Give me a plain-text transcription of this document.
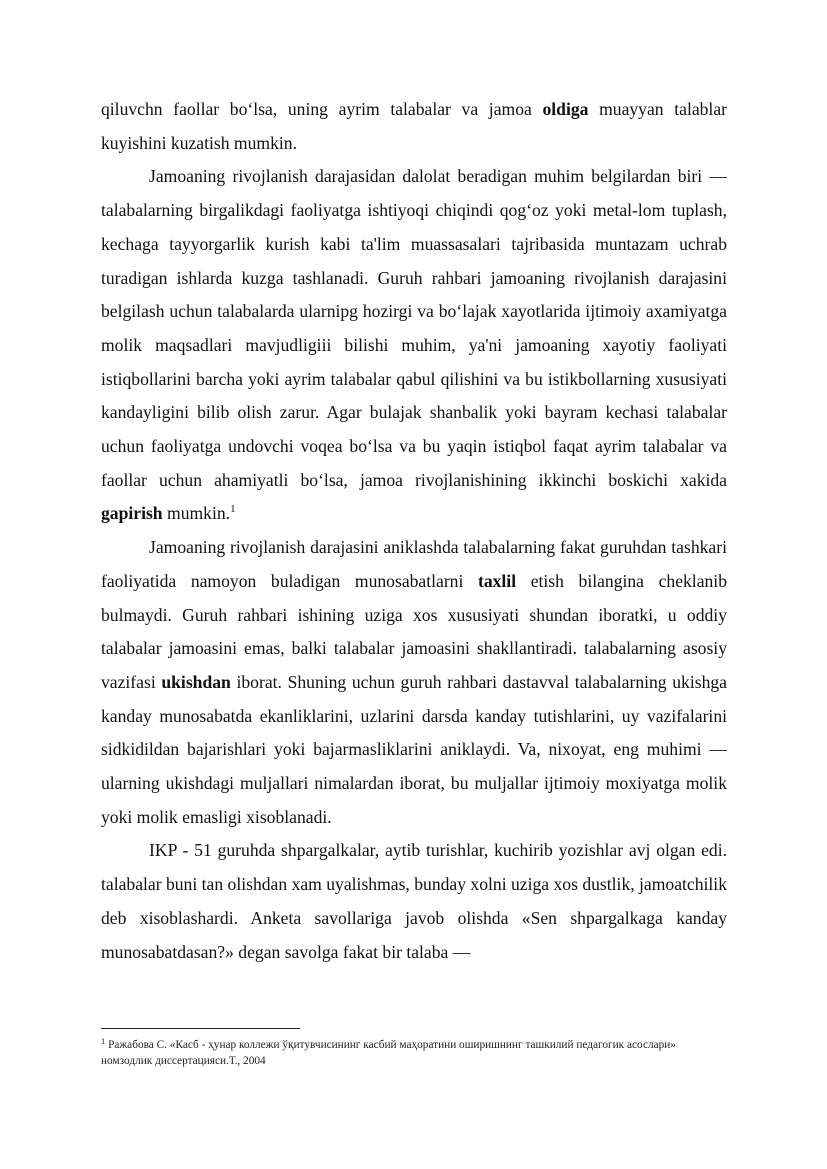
qiluvchn faollar bo‘lsa, uning ayrim talabalar va jamoa oldiga muayyan talablar kuyishini kuzatish mumkin.

Jamoaning rivojlanish darajasidan dalolat beradigan muhim belgilardan biri — talabalarning birgalikdagi faoliyatga ishtiyoqi chiqindi qog‘oz yoki metal-lom tuplash, kechaga tayyorgarlik kurish kabi ta'lim muassasalari tajribasida muntazam uchrab turadigan ishlarda kuzga tashlanadi. Guruh rahbari jamoaning rivojlanish darajasini belgilash uchun talabalarda ularnipg hozirgi va bo‘lajak xayotlarida ijtimoiy axamiyatga molik maqsadlari mavjudligiii bilishi muhim, ya'ni jamoaning xayotiy faoliyati istiqbollarini barcha yoki ayrim talabalar qabul qilishini va bu istikbollarning xususiyati kandayligini bilib olish zarur. Agar bulajak shanbalik yoki bayram kechasi talabalar uchun faoliyatga undovchi voqea bo‘lsa va bu yaqin istiqbol faqat ayrim talabalar va faollar uchun ahamiyatli bo‘lsa, jamoa rivojlanishining ikkinchi boskichi xakida gapirish mumkin.$^1$

Jamoaning rivojlanish darajasini aniklashda talabalarning fakat guruhdan tashkari faoliyatida namoyon buladigan munosabatlarni taxlil etish bilangina cheklanib bulmaydi. Guruh rahbari ishining uziga xos xususiyati shundan iboratki, u oddiy talabalar jamoasini emas, balki talabalar jamoasini shakllantiradi. talabalarning asosiy vazifasi ukishdan iborat. Shuning uchun guruh rahbari dastavval talabalarning ukishga kanday munosabatda ekanliklarini, uzlarini darsda kanday tutishlarini, uy vazifalarini sidkidildan bajarishlari yoki bajarmasliklarini aniklaydi. Va, nixoyat, eng muhimi — ularning ukishdagi muljallari nimalardan iborat, bu muljallar ijtimoiy moxiyatga molik yoki molik emasligi xisoblanadi.

IKP - 51 guruhda shpargalkalar, aytib turishlar, kuchirib yozishlar avj olgan edi. talabalar buni tan olishdan xam uyalishmas, bunday xolni uziga xos dustlik, jamoatchilik deb xisoblashardi. Anketa savollariga javob olishda «Sen shpargalkaga kanday munosabatdasan?» degan savolga fakat bir talaba —

$^1$ Ражабова С. «Касб - ҳунар коллежи ўқитувчисининг касбий маҳоратини оширишнинг ташкилий педагогик асослари» номзодлик диссертацияси.Т., 2004
